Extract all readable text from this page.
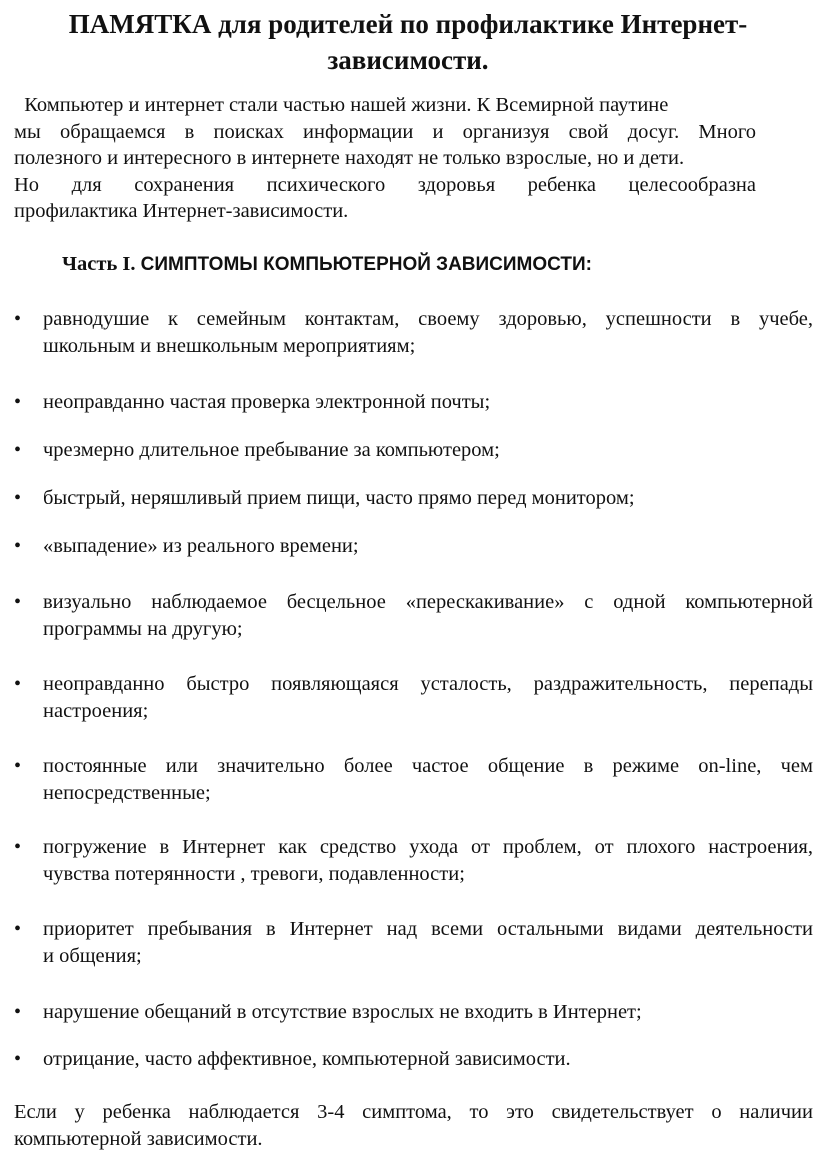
ПАМЯТКА для родителей по профилактике Интернет-
зависимости.
Компьютер и интернет стали частью нашей жизни. К Всемирной паутине
мы обращаемся в поисках информации и организуя свой досуг. Много
полезного и интересного в интернете находят не только взрослые, но и дети.
Но для сохранения психического здоровья ребенка целесообразна
профилактика Интернет-зависимости.
Часть I. СИМПТОМЫ КОМПЬЮТЕРНОЙ ЗАВИСИМОСТИ:
• равнодушие к семейным контактам, своему здоровью, успешности в учебе,
школьным и внешкольным мероприятиям;
• неоправданно частая проверка электронной почты;
• чрезмерно длительное пребывание за компьютером;
• быстрый, неряшливый прием пищи, часто прямо перед монитором;
• «выпадение» из реального времени;
• визуально наблюдаемое бесцельное «перескакивание» с одной компьютерной
программы на другую;
• неоправданно быстро появляющаяся усталость, раздражительность, перепады
настроения;
• постоянные или значительно более частое общение в режиме on-line, чем
непосредственные;
• погружение в Интернет как средство ухода от проблем, от плохого настроения,
чувства потерянности , тревоги, подавленности;
• приоритет пребывания в Интернет над всеми остальными видами деятельности
и общения;
• нарушение обещаний в отсутствие взрослых не входить в Интернет;
• отрицание, часто аффективное, компьютерной зависимости.
Если у ребенка наблюдается 3-4 симптома, то это свидетельствует о наличии
компьютерной зависимости.
